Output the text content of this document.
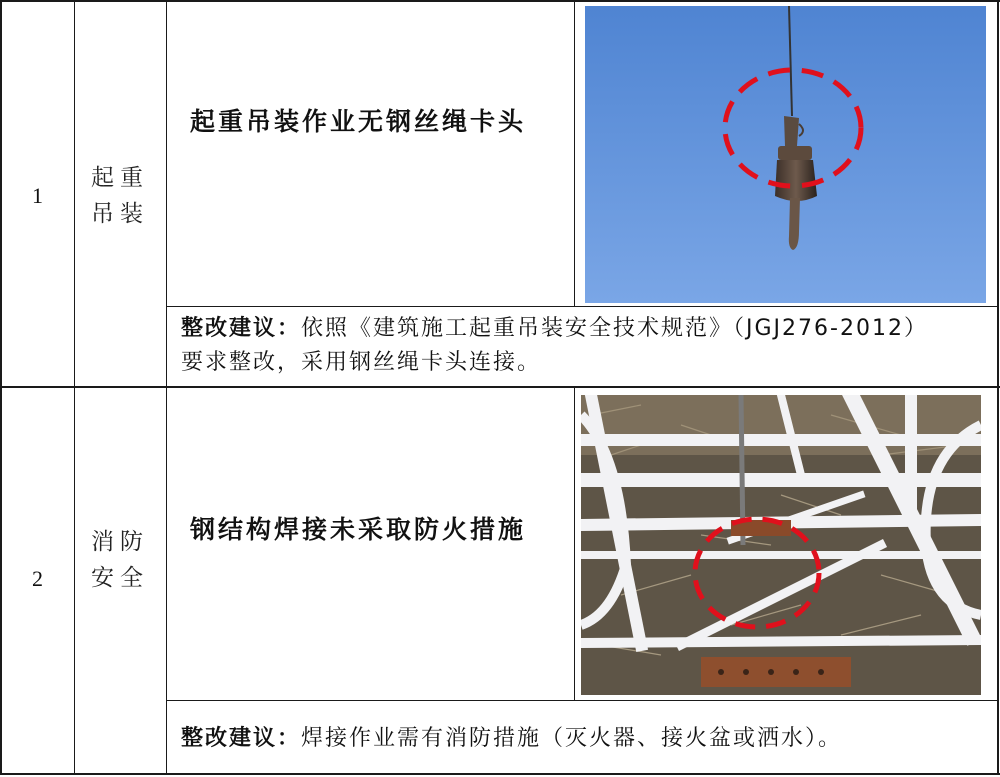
1
起重
吊装
起重吊装作业无钢丝绳卡头
整改建议：依照《建筑施工起重吊装安全技术规范》（JGJ276-2012）
要求整改，采用钢丝绳卡头连接。
2
消防
安全
钢结构焊接未采取防火措施
整改建议：焊接作业需有消防措施（灭火器、接火盆或洒水）。
